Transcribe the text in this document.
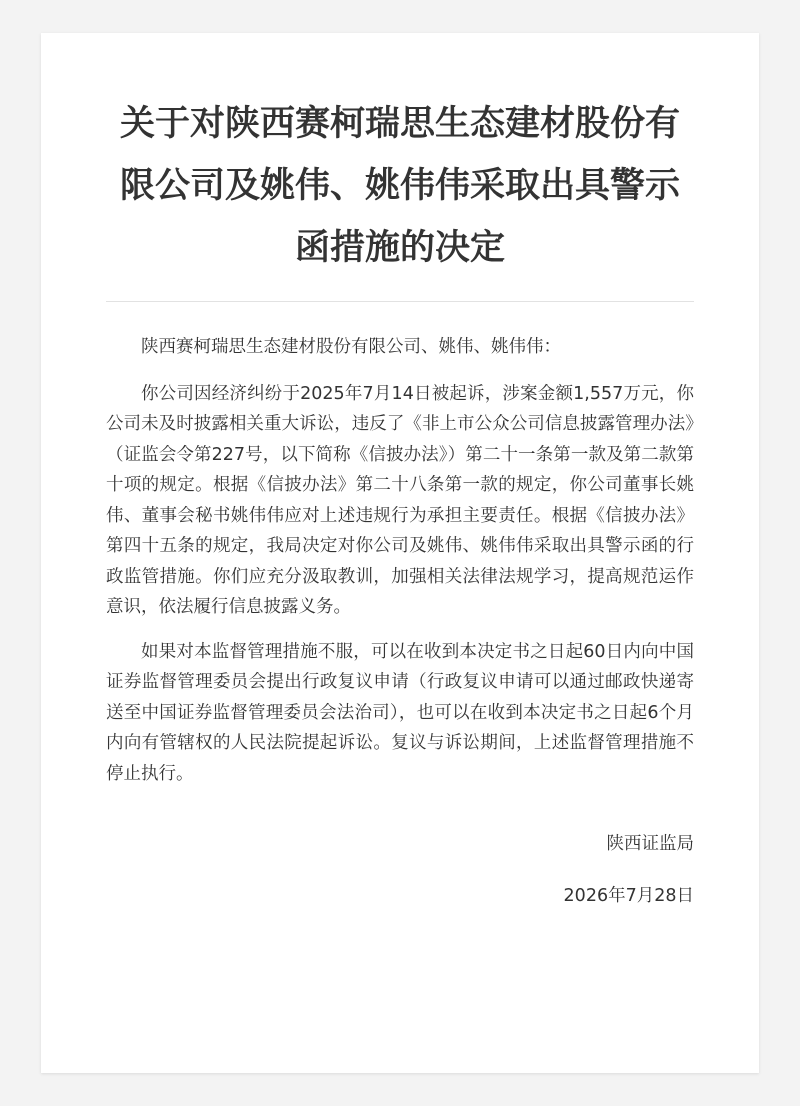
关于对陕西赛柯瑞思生态建材股份有限公司及姚伟、姚伟伟采取出具警示函措施的决定

陕西赛柯瑞思生态建材股份有限公司、姚伟、姚伟伟：

你公司因经济纠纷于2025年7月14日被起诉，涉案金额1,557万元，你公司未及时披露相关重大诉讼，违反了《非上市公众公司信息披露管理办法》（证监会令第227号，以下简称《信披办法》）第二十一条第一款及第二款第十项的规定。根据《信披办法》第二十八条第一款的规定，你公司董事长姚伟、董事会秘书姚伟伟应对上述违规行为承担主要责任。根据《信披办法》第四十五条的规定，我局决定对你公司及姚伟、姚伟伟采取出具警示函的行政监管措施。你们应充分汲取教训，加强相关法律法规学习，提高规范运作意识，依法履行信息披露义务。

如果对本监督管理措施不服，可以在收到本决定书之日起60日内向中国证券监督管理委员会提出行政复议申请（行政复议申请可以通过邮政快递寄送至中国证券监督管理委员会法治司），也可以在收到本决定书之日起6个月内向有管辖权的人民法院提起诉讼。复议与诉讼期间，上述监督管理措施不停止执行。

陕西证监局
2026年7月28日
